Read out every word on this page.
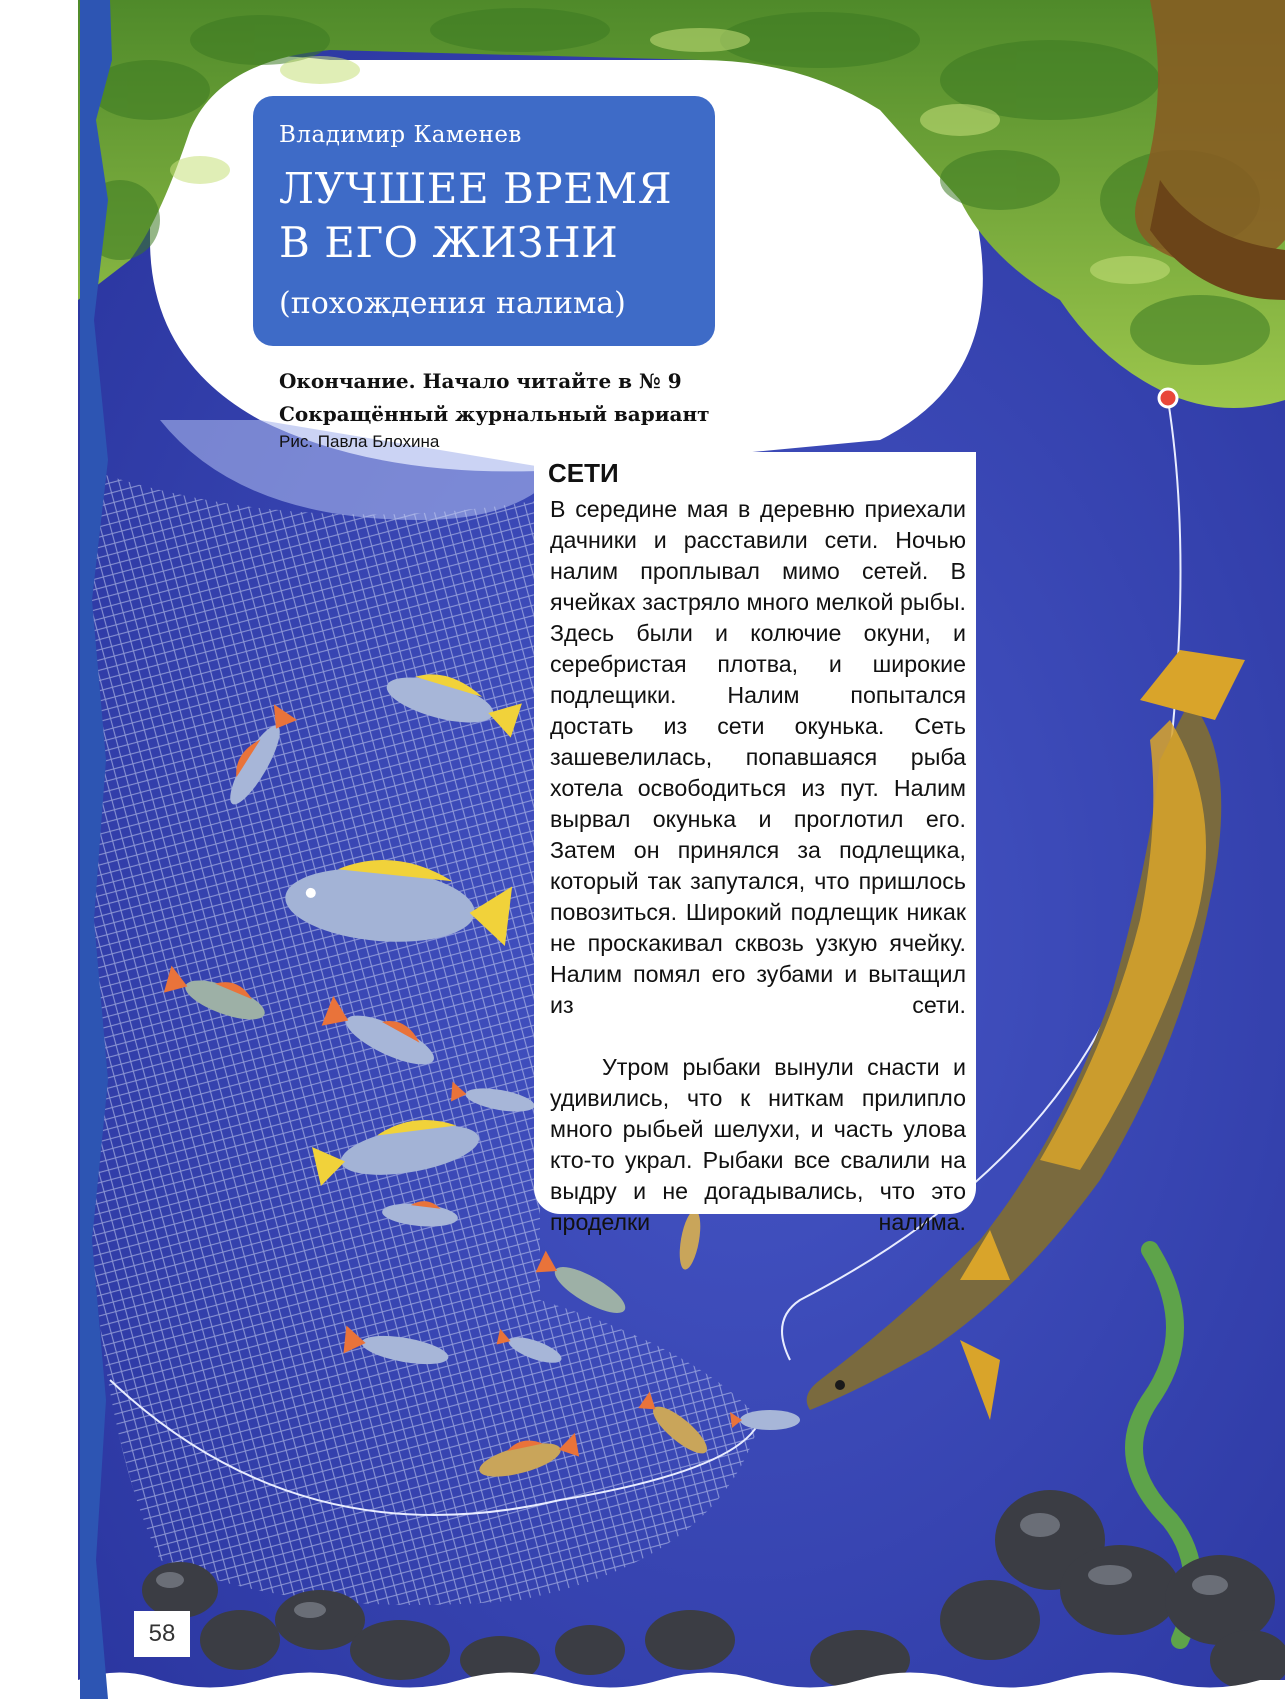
Владимир Каменев
ЛУЧШЕЕ ВРЕМЯ
В ЕГО ЖИЗНИ
(похождения налима)
Окончание. Начало читайте в № 9
Сокращённый журнальный вариант
Рис. Павла Блохина
СЕТИ
В середине мая в деревню приехали дачники и расставили сети. Ночью налим проплывал мимо сетей. В ячейках застряло много мелкой рыбы. Здесь были и колючие окуни, и серебристая плотва, и широкие подлещики. Налим попытался достать из сети окунька. Сеть зашевелилась, попавшаяся рыба хотела освободиться из пут. Налим вырвал окунька и проглотил его. Затем он принялся за подлещика, который так запутался, что пришлось повозиться. Широкий подлещик никак не проскакивал сквозь узкую ячейку. Налим помял его зубами и вытащил из сети.
Утром рыбаки вынули снасти и удивились, что к ниткам прилипло много рыбьей шелухи, и часть улова кто-то украл. Рыбаки все свалили на выдру и не догадывались, что это проделки налима.
58
